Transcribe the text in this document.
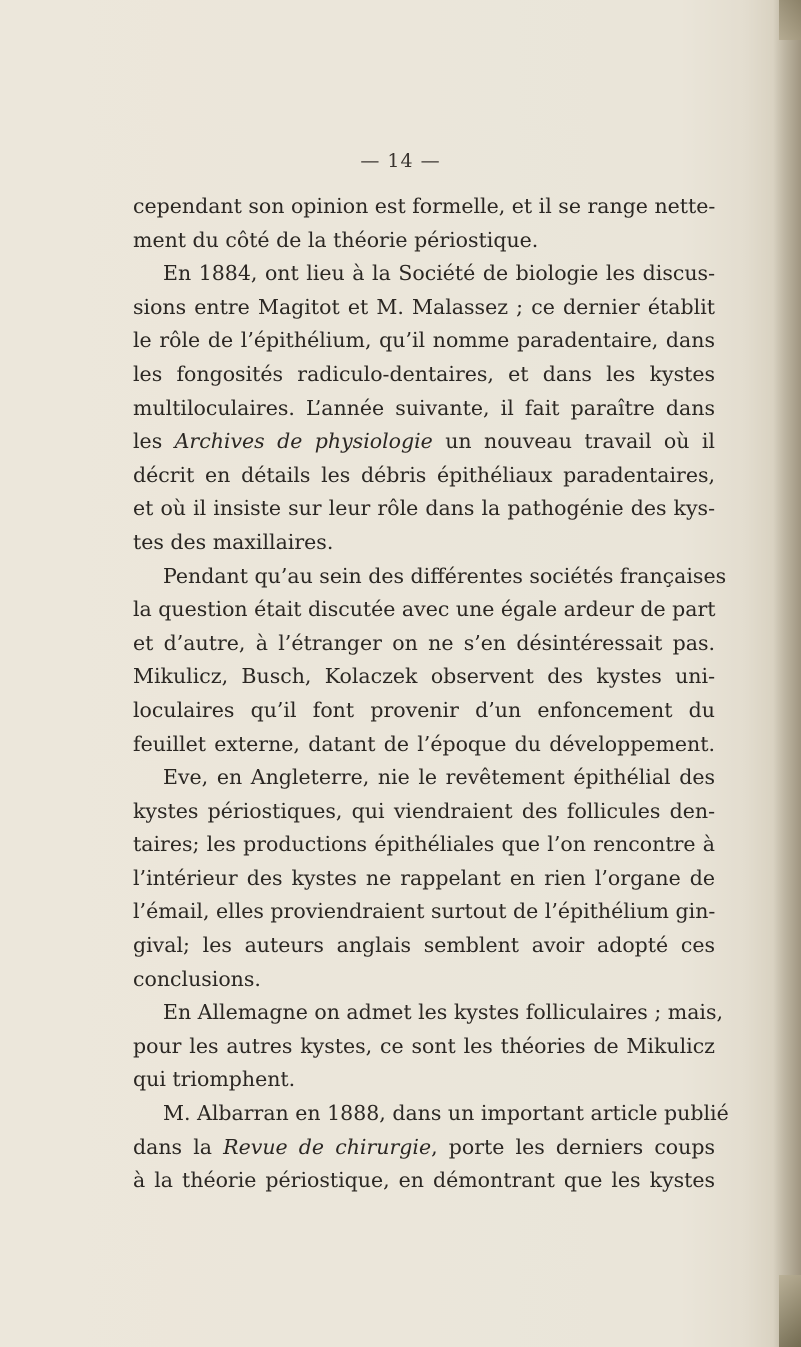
— 14 —
cependant son opinion est formelle, et il se range nette-
ment du côté de la théorie périostique.
En 1884, ont lieu à la Société de biologie les discus-
sions entre Magitot et M. Malassez ; ce dernier établit
le rôle de l’épithélium, qu’il nomme paradentaire, dans
les fongosités radiculo-dentaires, et dans les kystes
multiloculaires. L’année suivante, il fait paraître dans
les Archives de physiologie un nouveau travail où il
décrit en détails les débris épithéliaux paradentaires,
et où il insiste sur leur rôle dans la pathogénie des kys-
tes des maxillaires.
Pendant qu’au sein des différentes sociétés françaises
la question était discutée avec une égale ardeur de part
et d’autre, à l’étranger on ne s’en désintéressait pas.
Mikulicz, Busch, Kolaczek observent des kystes uni-
loculaires qu’il font provenir d’un enfoncement du
feuillet externe, datant de l’époque du développement.
Eve, en Angleterre, nie le revêtement épithélial des
kystes périostiques, qui viendraient des follicules den-
taires; les productions épithéliales que l’on rencontre à
l’intérieur des kystes ne rappelant en rien l’organe de
l’émail, elles proviendraient surtout de l’épithélium gin-
gival; les auteurs anglais semblent avoir adopté ces
conclusions.
En Allemagne on admet les kystes folliculaires ; mais,
pour les autres kystes, ce sont les théories de Mikulicz
qui triomphent.
M. Albarran en 1888, dans un important article publié
dans la Revue de chirurgie, porte les derniers coups
à la théorie périostique, en démontrant que les kystes
